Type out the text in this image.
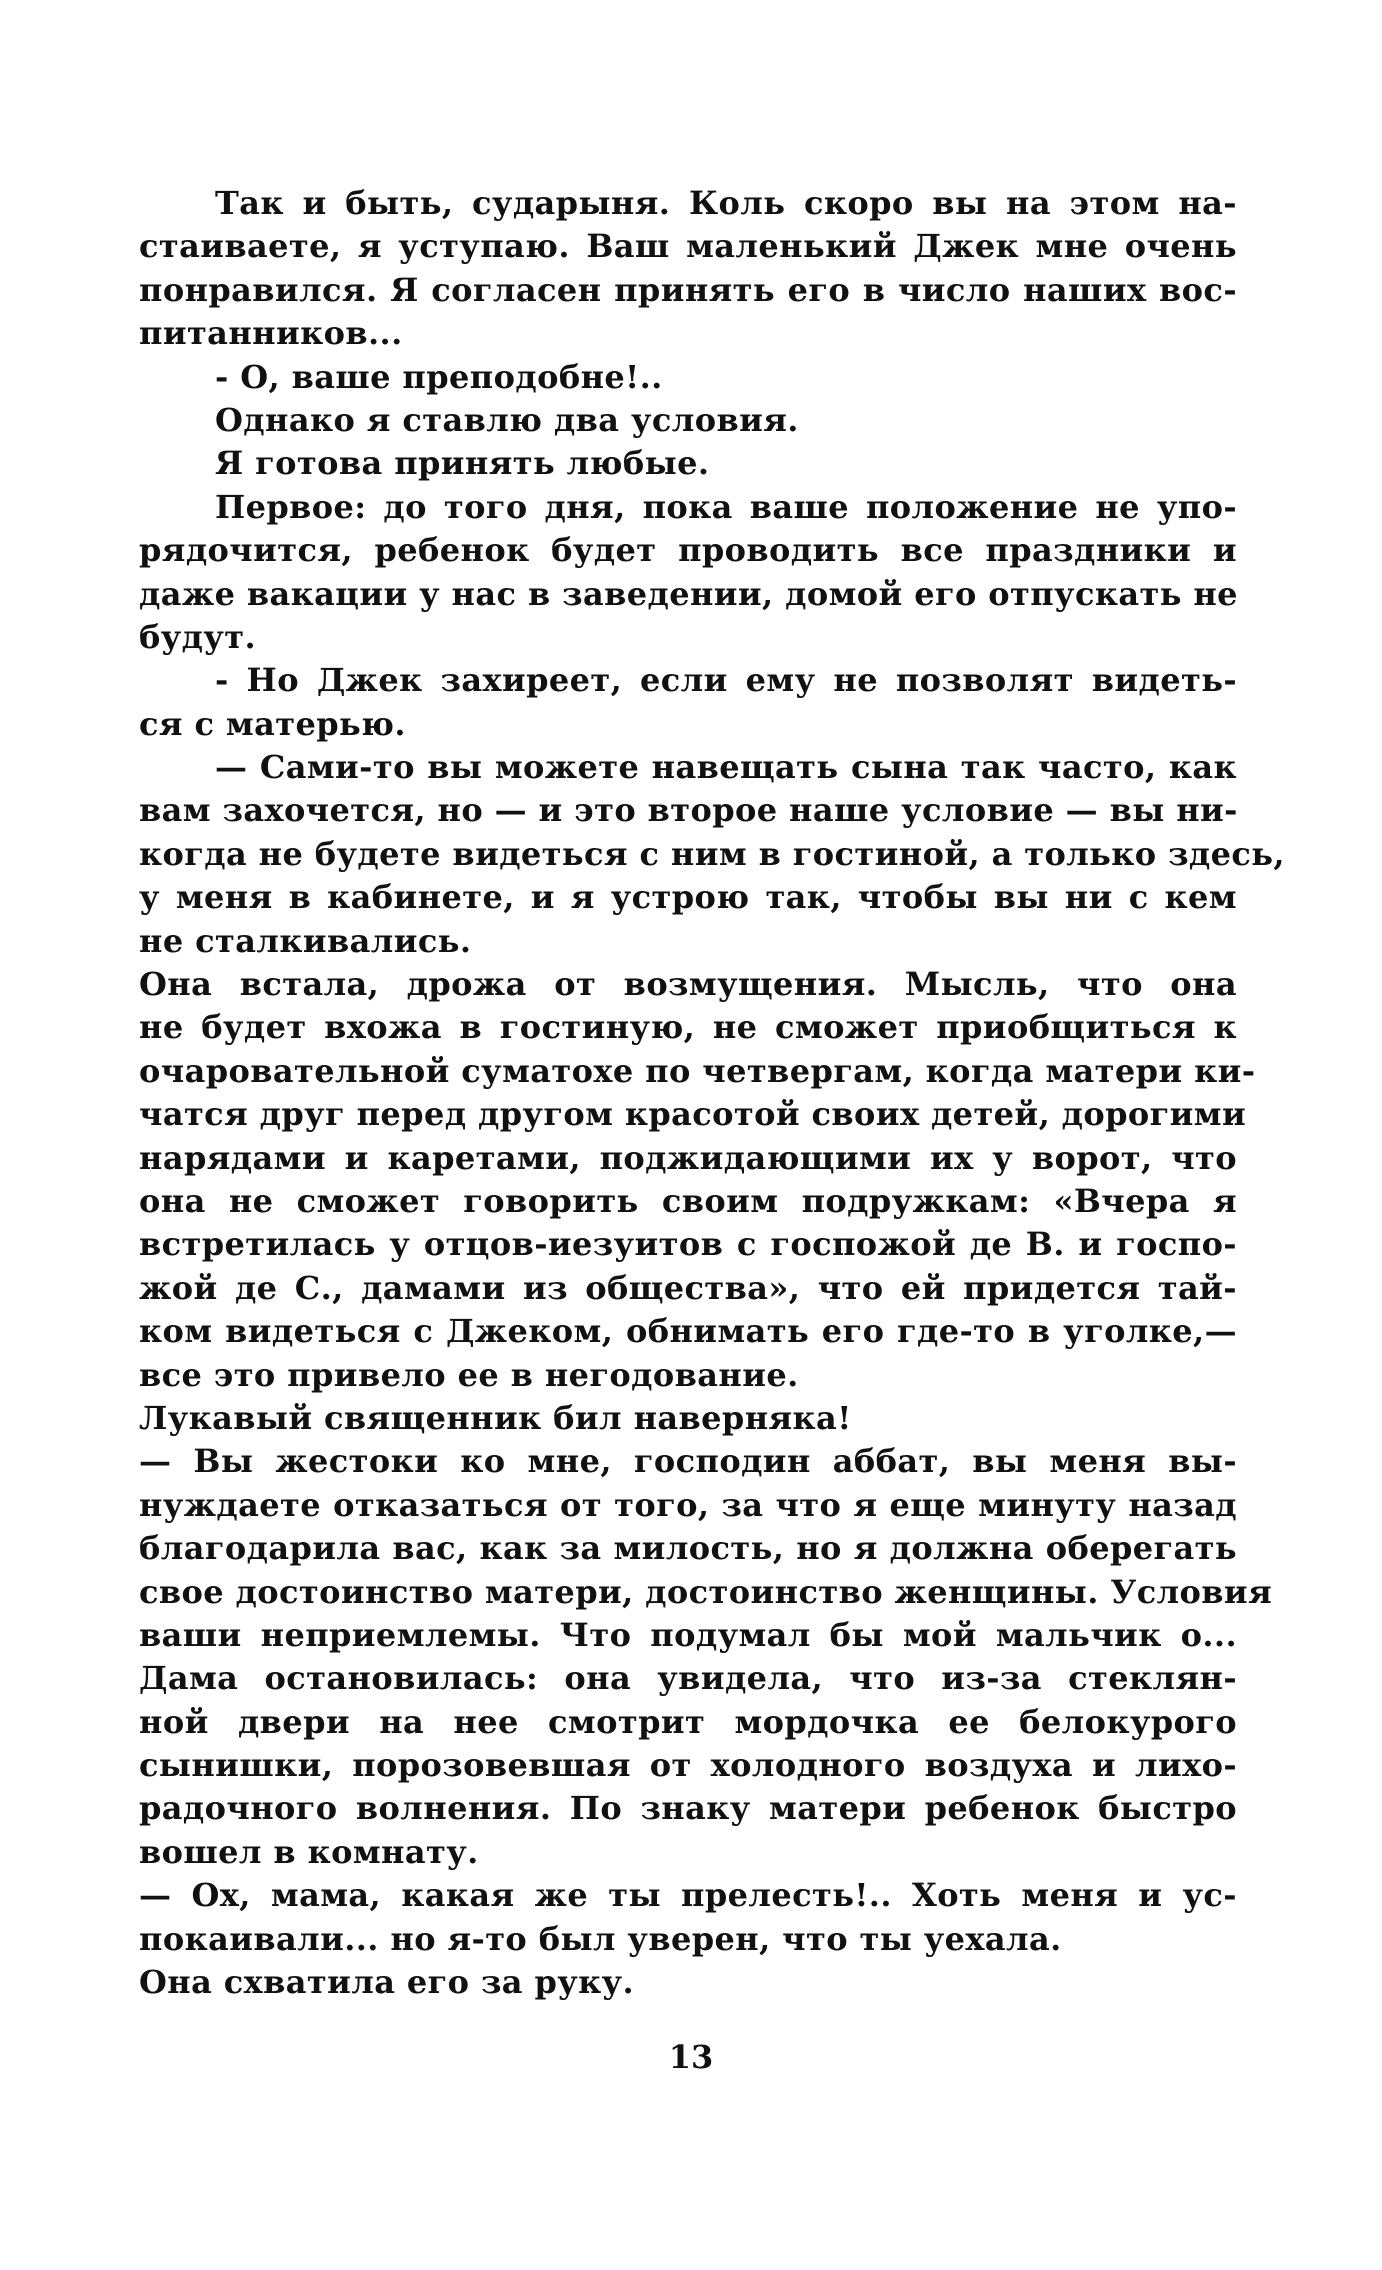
Так и быть, сударыня. Коль скоро вы на этом на-
стаиваете, я уступаю. Ваш маленький Джек мне очень
понравился. Я согласен принять его в число наших вос-
питанников...
- О, ваше преподобне!..
Однако я ставлю два условия.
Я готова принять любые.
Первое: до того дня, пока ваше положение не упо-
рядочится, ребенок будет проводить все праздники и
даже вакации у нас в заведении, домой его отпускать не
будут.
- Но Джек захиреет, если ему не позволят видеть-
ся с матерью.
— Сами-то вы можете навещать сына так часто, как
вам захочется, но — и это второе наше условие — вы ни-
когда не будете видеться с ним в гостиной, а только здесь,
у меня в кабинете, и я устрою так, чтобы вы ни с кем
не сталкивались.
Она встала, дрожа от возмущения. Мысль, что она
не будет вхожа в гостиную, не сможет приобщиться к
очаровательной суматохе по четвергам, когда матери ки-
чатся друг перед другом красотой своих детей, дорогими
нарядами и каретами, поджидающими их у ворот, что
она не сможет говорить своим подружкам: «Вчера я
встретилась у отцов-иезуитов с госпожой де В. и госпо-
жой де С., дамами из общества», что ей придется тай-
ком видеться с Джеком, обнимать его где-то в уголке,—
все это привело ее в негодование.
Лукавый священник бил наверняка!
— Вы жестоки ко мне, господин аббат, вы меня вы-
нуждаете отказаться от того, за что я еще минуту назад
благодарила вас, как за милость, но я должна оберегать
свое достоинство матери, достоинство женщины. Условия
ваши неприемлемы. Что подумал бы мой мальчик о...
Дама остановилась: она увидела, что из-за стеклян-
ной двери на нее смотрит мордочка ее белокурого
сынишки, порозовевшая от холодного воздуха и лихо-
радочного волнения. По знаку матери ребенок быстро
вошел в комнату.
— Ох, мама, какая же ты прелесть!.. Хоть меня и ус-
покаивали... но я-то был уверен, что ты уехала.
Она схватила его за руку.
13
